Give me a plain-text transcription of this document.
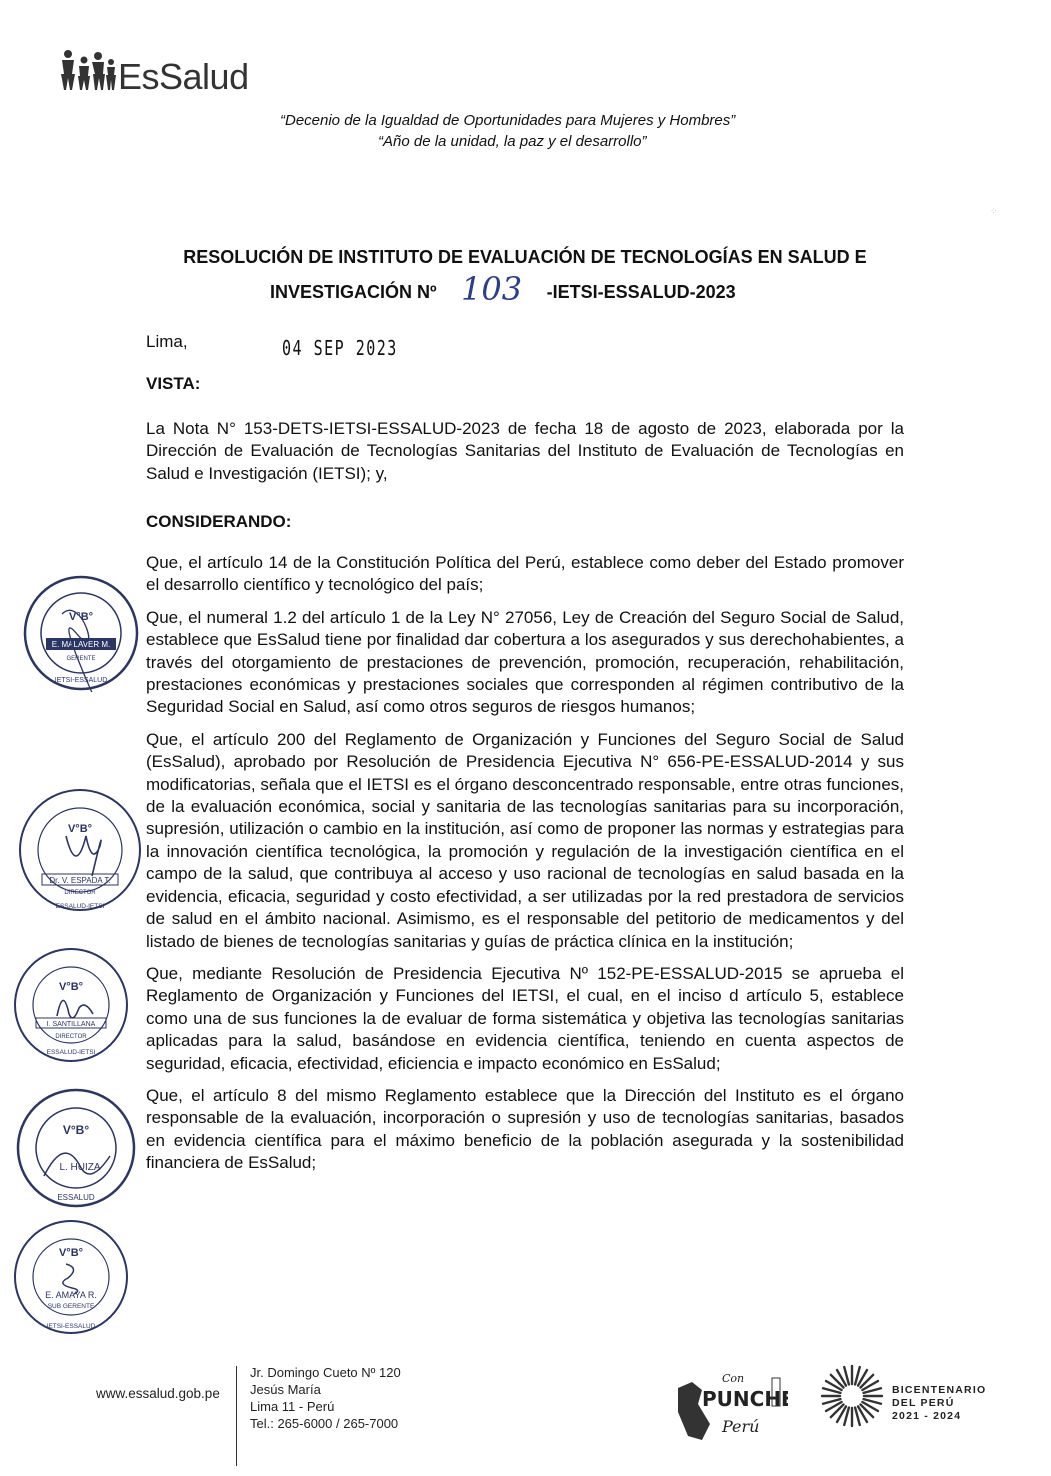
EsSalud
“Decenio de la Igualdad de Oportunidades para Mujeres y Hombres”
“Año de la unidad, la paz y el desarrollo”
⁘
RESOLUCIÓN DE INSTITUTO DE EVALUACIÓN DE TECNOLOGÍAS EN SALUD E
INVESTIGACIÓN Nº 103 -IETSI-ESSALUD-2023
Lima,	04 SEP 2023
VISTA:

La Nota N° 153-DETS-IETSI-ESSALUD-2023 de fecha 18 de agosto de 2023, elaborada por la Dirección de Evaluación de Tecnologías Sanitarias del Instituto de Evaluación de Tecnologías en Salud e Investigación (IETSI); y,

CONSIDERANDO:

Que, el artículo 14 de la Constitución Política del Perú, establece como deber del Estado promover el desarrollo científico y tecnológico del país;

Que, el numeral 1.2 del artículo 1 de la Ley N° 27056, Ley de Creación del Seguro Social de Salud, establece que EsSalud tiene por finalidad dar cobertura a los asegurados y sus derechohabientes, a través del otorgamiento de prestaciones de prevención, promoción, recuperación, rehabilitación, prestaciones económicas y prestaciones sociales que corresponden al régimen contributivo de la Seguridad Social en Salud, así como otros seguros de riesgos humanos;

Que, el artículo 200 del Reglamento de Organización y Funciones del Seguro Social de Salud (EsSalud), aprobado por Resolución de Presidencia Ejecutiva N° 656-PE-ESSALUD-2014 y sus modificatorias, señala que el IETSI es el órgano desconcentrado responsable, entre otras funciones, de la evaluación económica, social y sanitaria de las tecnologías sanitarias para su incorporación, supresión, utilización o cambio en la institución, así como de proponer las normas y estrategias para la innovación científica tecnológica, la promoción y regulación de la investigación científica en el campo de la salud, que contribuya al acceso y uso racional de tecnologías en salud basada en la evidencia, eficacia, seguridad y costo efectividad, a ser utilizadas por la red prestadora de servicios de salud en el ámbito nacional. Asimismo, es el responsable del petitorio de medicamentos y del listado de bienes de tecnologías sanitarias y guías de práctica clínica en la institución;

Que, mediante Resolución de Presidencia Ejecutiva Nº 152-PE-ESSALUD-2015 se aprueba el Reglamento de Organización y Funciones del IETSI, el cual, en el inciso d artículo 5, establece como una de sus funciones la de evaluar de forma sistemática y objetiva las tecnologías sanitarias aplicadas para la salud, basándose en evidencia científica, teniendo en cuenta aspectos de seguridad, eficacia, efectividad, eficiencia e impacto económico en EsSalud;

Que, el artículo 8 del mismo Reglamento establece que la Dirección del Instituto es el órgano responsable de la evaluación, incorporación o supresión y uso de tecnologías sanitarias, basados en evidencia científica para el máximo beneficio de la población asegurada y la sostenibilidad financiera de EsSalud;

V°B°
E. MALAVER M.
GERENTE
IETSI-ESSALUD
V°B°
Dr. V. ESPADA T.
DIRECTOR
ESSALUD-IETSI
V°B°
I. SANTILLANA
DIRECTOR
ESSALUD-IETSI
V°B°
L. HUIZA
ESSALUD
V°B°
E. AMAYA R.
SUB GERENTE
IETSI-ESSALUD
www.essalud.gob.pe
Jr. Domingo Cueto Nº 120
Jesús María
Lima 11 - Perú
Tel.: 265-6000 / 265-7000
Con
PUNCHE
Perú
BICENTENARIO
DEL PERÚ
2021 - 2024
